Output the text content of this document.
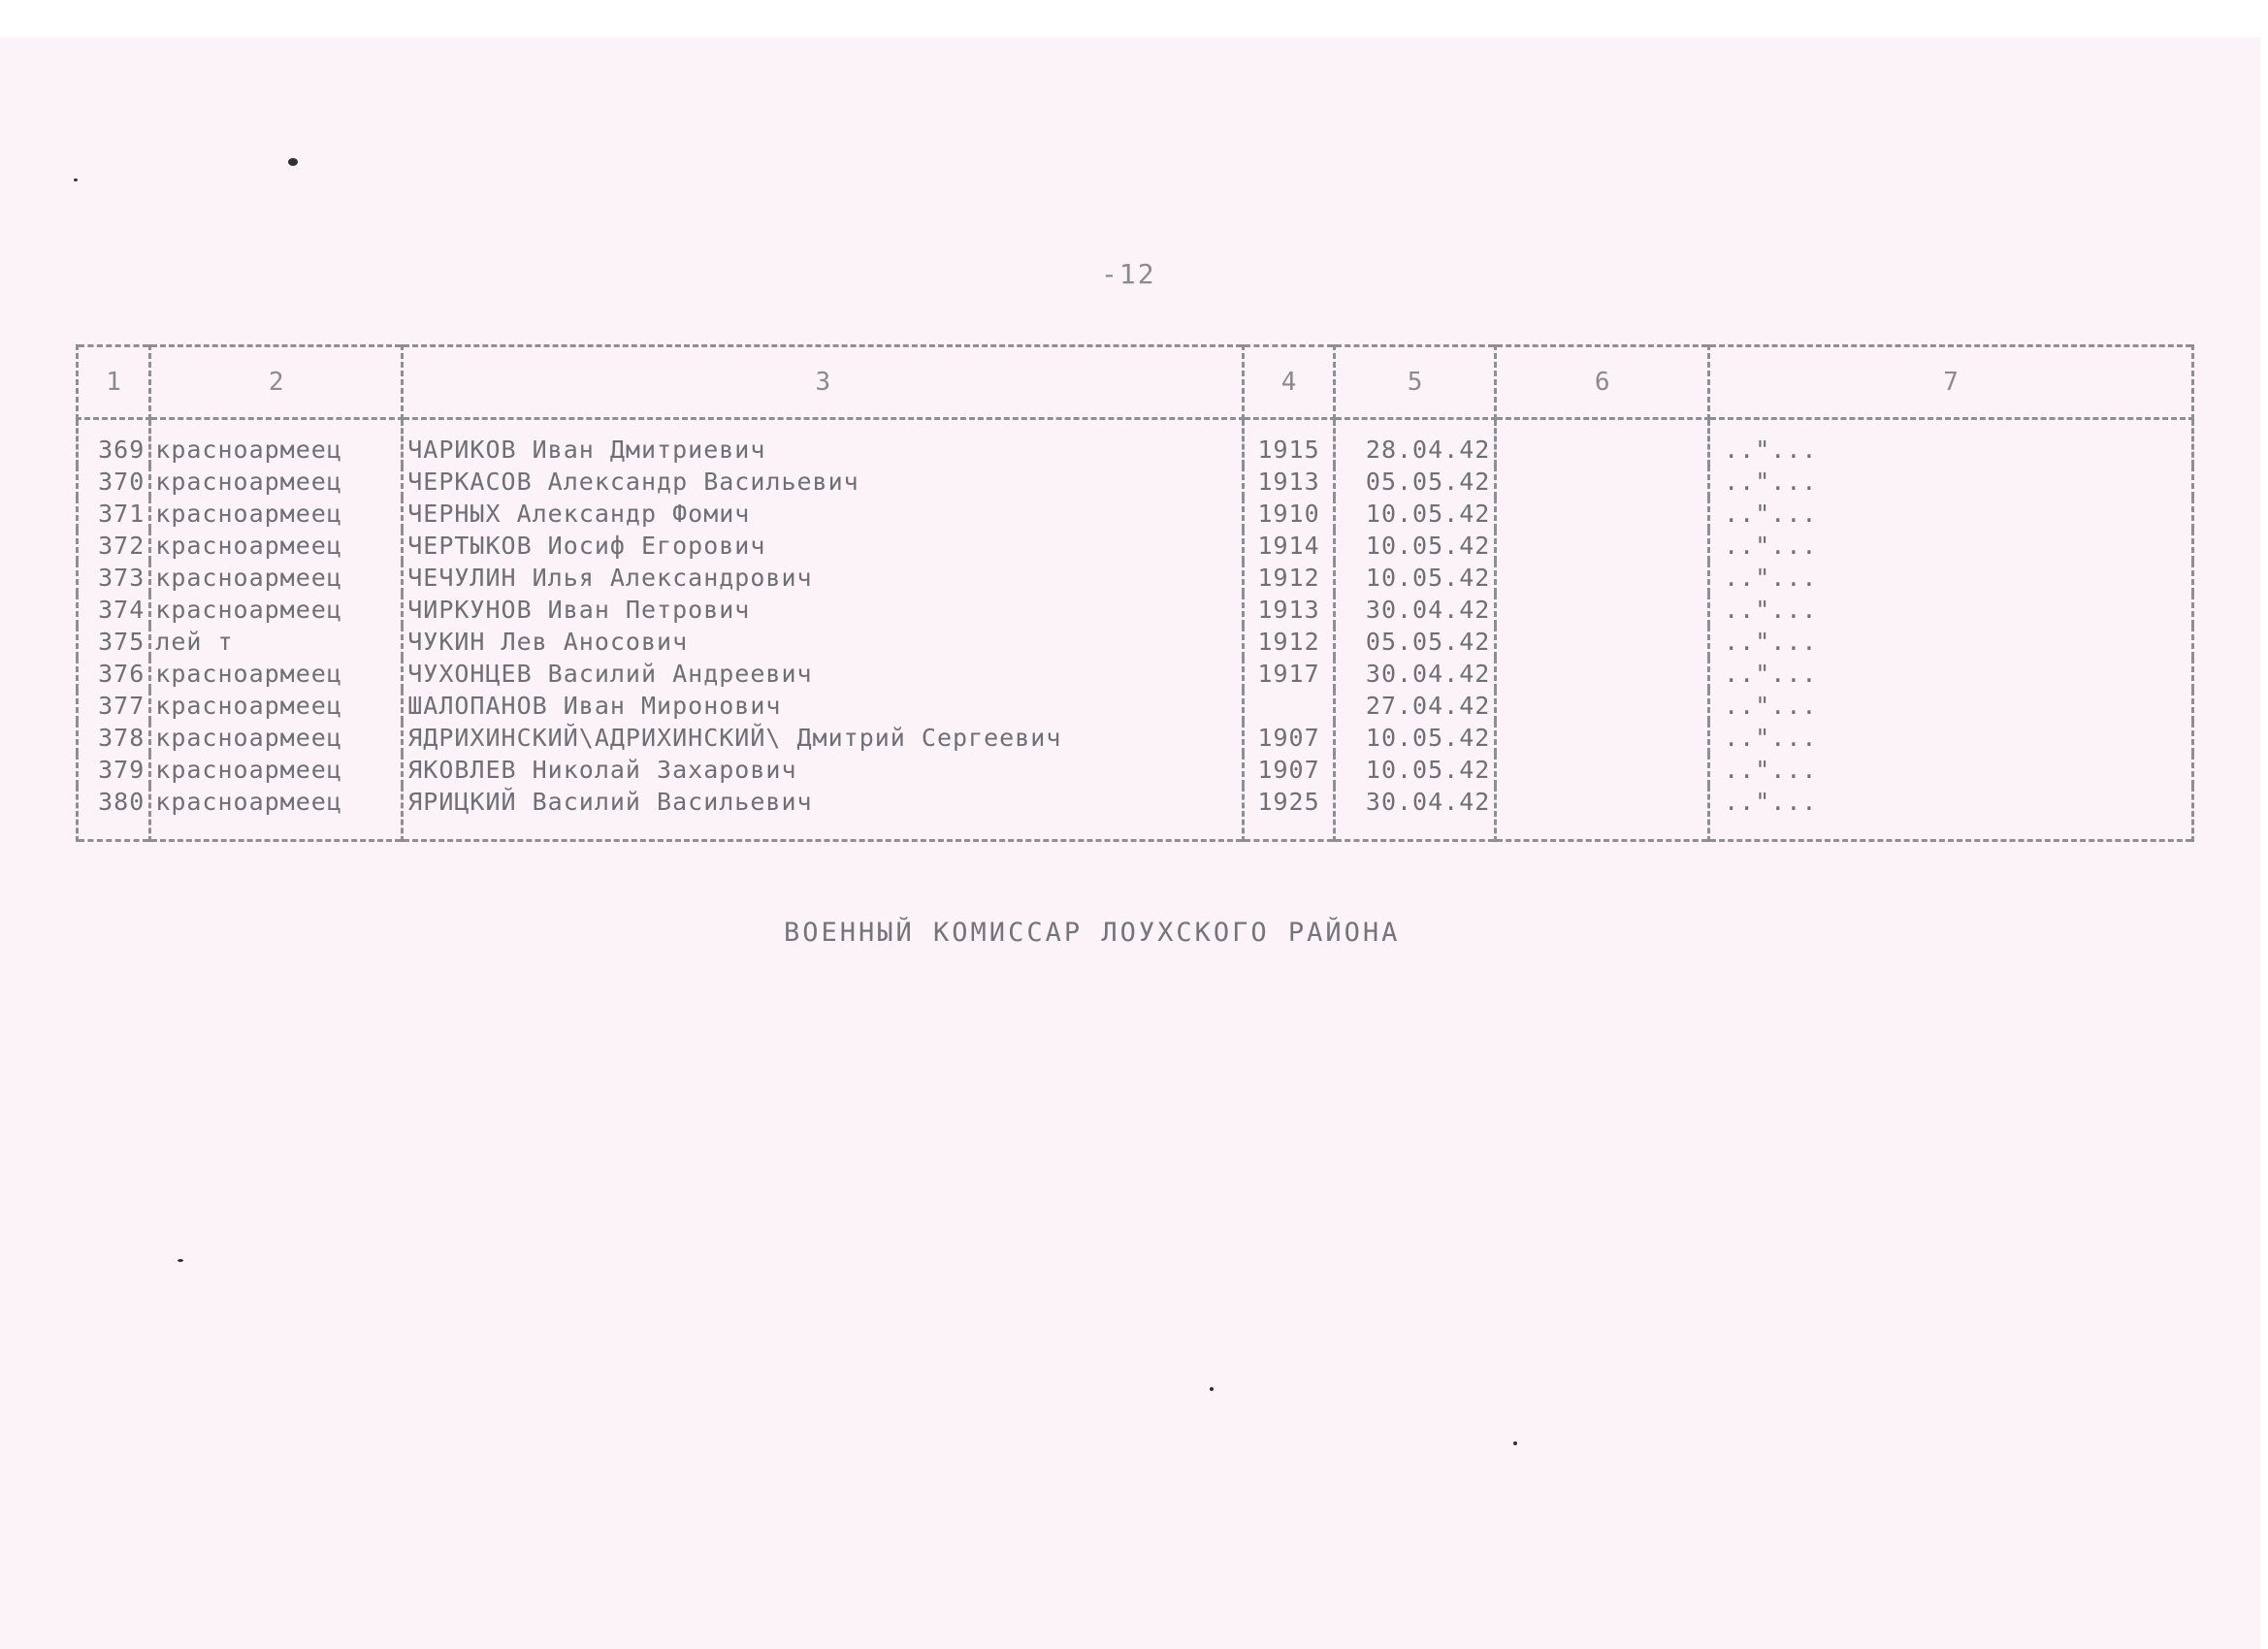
-12
1	2	3	4	5	6	7
369	красноармеец	ЧАРИКОВ Иван Дмитриевич	1915	28.04.42		.."...
370	красноармеец	ЧЕРКАСОВ Александр Васильевич	1913	05.05.42		.."...
371	красноармеец	ЧЕРНЫХ Александр Фомич	1910	10.05.42		.."...
372	красноармеец	ЧЕРТЫКОВ Иосиф Егорович	1914	10.05.42		.."...
373	красноармеец	ЧЕЧУЛИН Илья Александрович	1912	10.05.42		.."...
374	красноармеец	ЧИРКУНОВ Иван Петрович	1913	30.04.42		.."...
375	лей т	ЧУКИН Лев Аносович	1912	05.05.42		.."...
376	красноармеец	ЧУХОНЦЕВ Василий Андреевич	1917	30.04.42		.."...
377	красноармеец	ШАЛОПАНОВ Иван Миронович		27.04.42		.."...
378	красноармеец	ЯДРИХИНСКИЙ\АДРИХИНСКИЙ\ Дмитрий Сергеевич	1907	10.05.42		.."...
379	красноармеец	ЯКОВЛЕВ Николай Захарович	1907	10.05.42		.."...
380	красноармеец	ЯРИЦКИЙ Василий Васильевич	1925	30.04.42		.."...
ВОЕННЫЙ КОМИССАР ЛОУХСКОГО РАЙОНА
